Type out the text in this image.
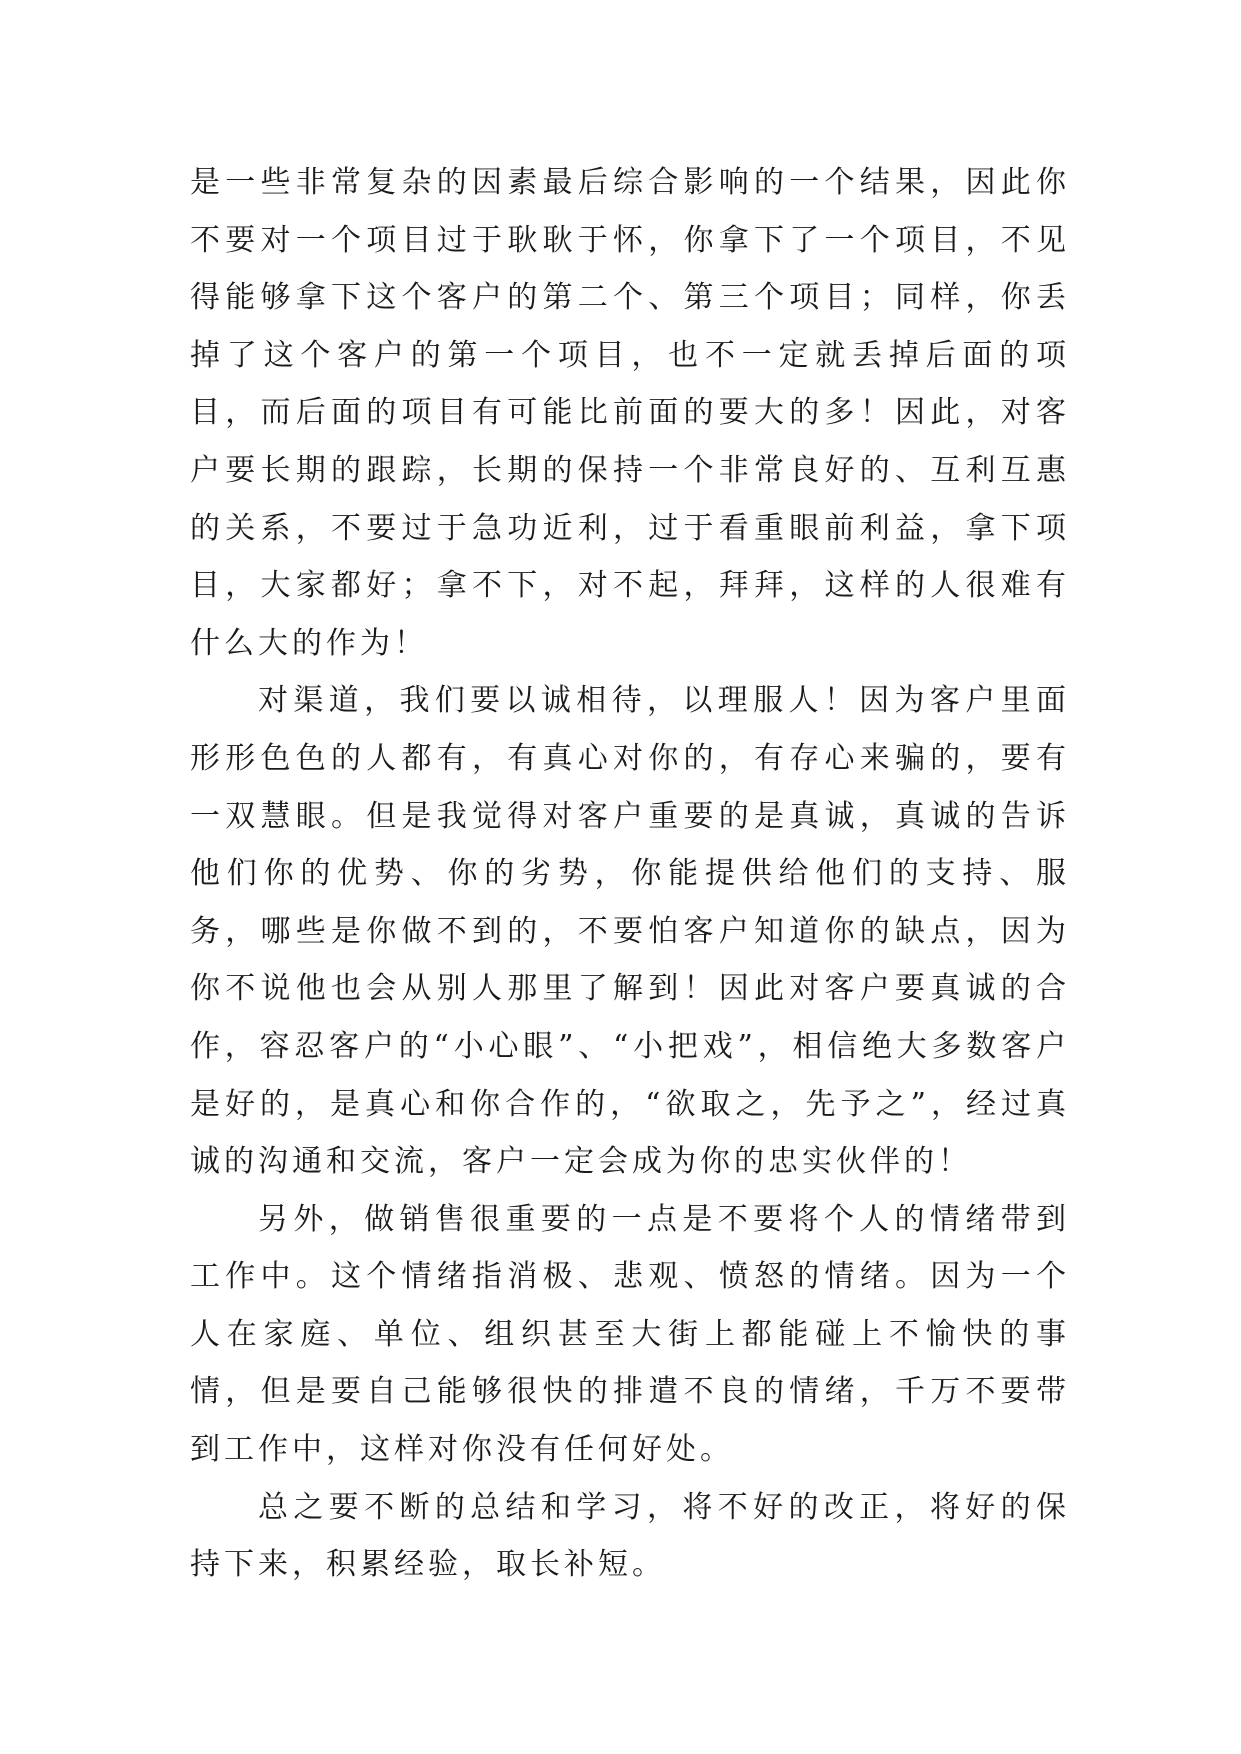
是一些非常复杂的因素最后综合影响的一个结果，因此你不要对一个项目过于耿耿于怀，你拿下了一个项目，不见得能够拿下这个客户的第二个、第三个项目；同样，你丢掉了这个客户的第一个项目，也不一定就丢掉后面的项目，而后面的项目有可能比前面的要大的多！因此，对客户要长期的跟踪，长期的保持一个非常良好的、互利互惠的关系，不要过于急功近利，过于看重眼前利益，拿下项目，大家都好；拿不下，对不起，拜拜，这样的人很难有什么大的作为！

对渠道，我们要以诚相待，以理服人！因为客户里面形形色色的人都有，有真心对你的，有存心来骗的，要有一双慧眼。但是我觉得对客户重要的是真诚，真诚的告诉他们你的优势、你的劣势，你能提供给他们的支持、服务，哪些是你做不到的，不要怕客户知道你的缺点，因为你不说他也会从别人那里了解到！因此对客户要真诚的合作，容忍客户的“小心眼”、“小把戏”，相信绝大多数客户是好的，是真心和你合作的，“欲取之，先予之”，经过真诚的沟通和交流，客户一定会成为你的忠实伙伴的！

另外，做销售很重要的一点是不要将个人的情绪带到工作中。这个情绪指消极、悲观、愤怒的情绪。因为一个人在家庭、单位、组织甚至大街上都能碰上不愉快的事情，但是要自己能够很快的排遣不良的情绪，千万不要带到工作中，这样对你没有任何好处。

总之要不断的总结和学习，将不好的改正，将好的保持下来，积累经验，取长补短。
